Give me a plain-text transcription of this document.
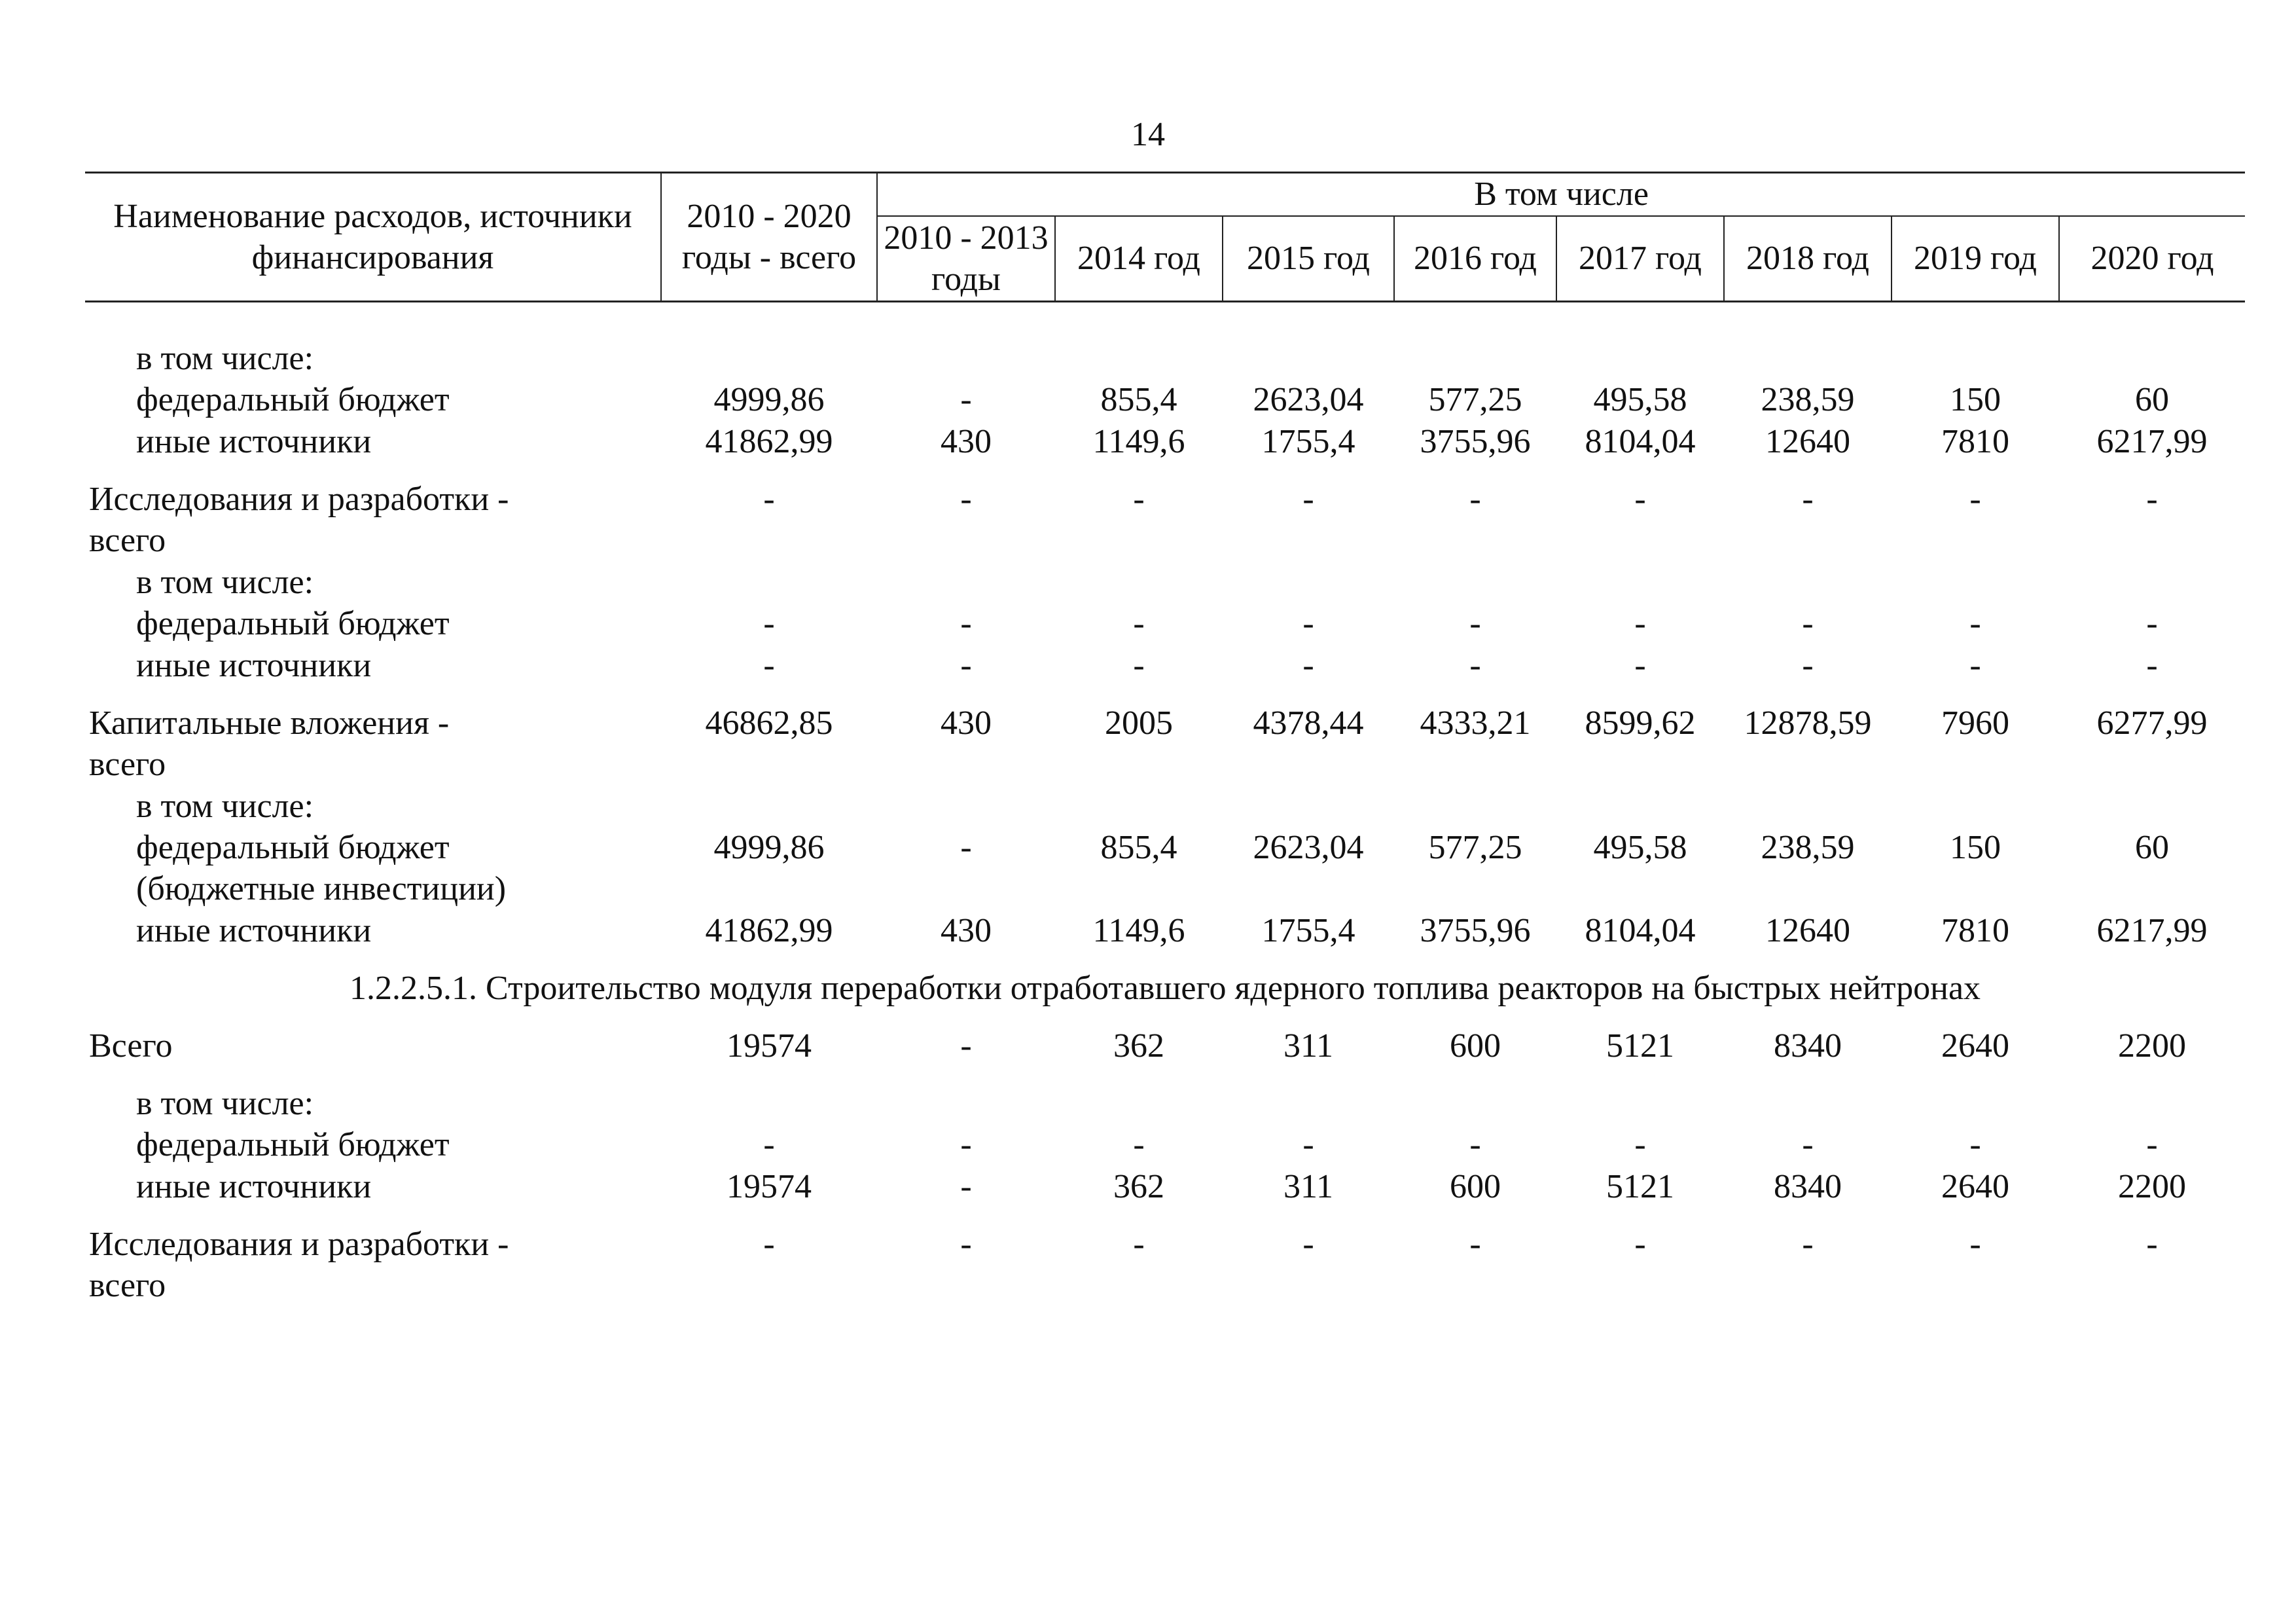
14
Наименование расходов, источники финансирования	2010 - 2020 годы - всего	В том числе							
		2010 - 2013 годы	2014 год	2015 год	2016 год	2017 год	2018 год	2019 год	2020 год

в том числе:
федеральный бюджет	4999,86	-	855,4	2623,04	577,25	495,58	238,59	150	60

иные источники	41862,99	430	1149,6	1755,4	3755,96	8104,04	12640	7810	6217,99

Исследования и разработки -
всего	-	-	-	-	-	-	-	-	-

в том числе:
федеральный бюджет	-	-	-	-	-	-	-	-	-

иные источники	-	-	-	-	-	-	-	-	-

Капитальные вложения -
всего	46862,85	430	2005	4378,44	4333,21	8599,62	12878,59	7960	6277,99

в том числе:
федеральный бюджет
(бюджетные инвестиции)	4999,86	-	855,4	2623,04	577,25	495,58	238,59	150	60

иные источники	41862,99	430	1149,6	1755,4	3755,96	8104,04	12640	7810	6217,99

1.2.2.5.1. Строительство модуля переработки отработавшего ядерного топлива реакторов на быстрых нейтронах									

Всего	19574	-	362	311	600	5121	8340	2640	2200

в том числе:
федеральный бюджет	-	-	-	-	-	-	-	-	-

иные источники	19574	-	362	311	600	5121	8340	2640	2200

Исследования и разработки -
всего	-	-	-	-	-	-	-	-	-
